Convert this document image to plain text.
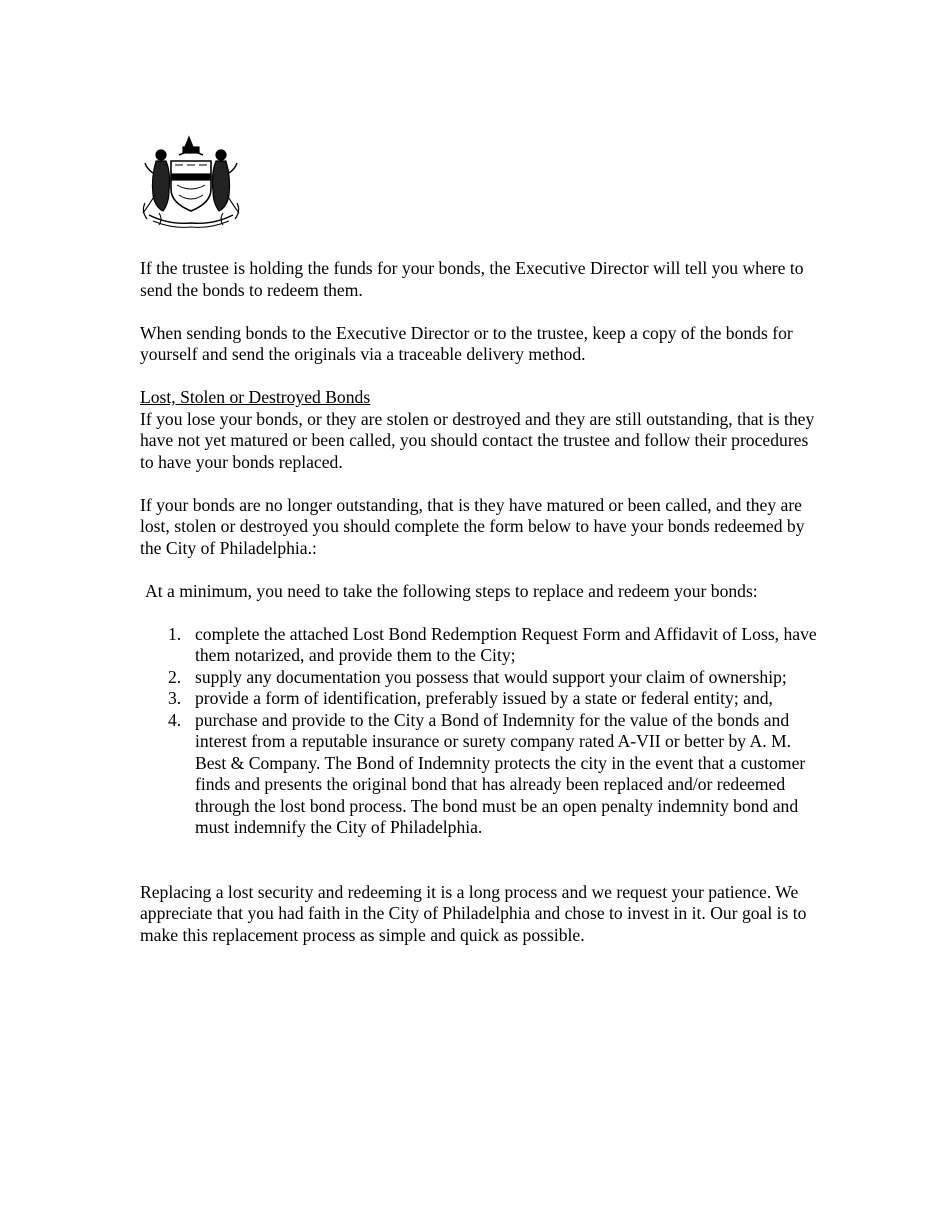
If the trustee is holding the funds for your bonds, the Executive Director will tell you where to send the bonds to redeem them.

When sending bonds to the Executive Director or to the trustee, keep a copy of the bonds for yourself and send the originals via a traceable delivery method.

Lost, Stolen or Destroyed Bonds

If you lose your bonds, or they are stolen or destroyed and they are still outstanding, that is they have not yet matured or been called, you should contact the trustee and follow their procedures to have your bonds replaced.

If your bonds are no longer outstanding, that is they have matured or been called, and they are lost, stolen or destroyed you should complete the form below to have your bonds redeemed by the City of Philadelphia.:

At a minimum, you need to take the following steps to replace and redeem your bonds:

1. complete the attached Lost Bond Redemption Request Form and Affidavit of Loss, have them notarized, and provide them to the City;
2. supply any documentation you possess that would support your claim of ownership;
3. provide a form of identification, preferably issued by a state or federal entity; and,
4. purchase and provide to the City a Bond of Indemnity for the value of the bonds and interest from a reputable insurance or surety company rated A-VII or better by A. M. Best & Company. The Bond of Indemnity protects the city in the event that a customer finds and presents the original bond that has already been replaced and/or redeemed through the lost bond process. The bond must be an open penalty indemnity bond and must indemnify the City of Philadelphia.

Replacing a lost security and redeeming it is a long process and we request your patience. We appreciate that you had faith in the City of Philadelphia and chose to invest in it. Our goal is to make this replacement process as simple and quick as possible.
